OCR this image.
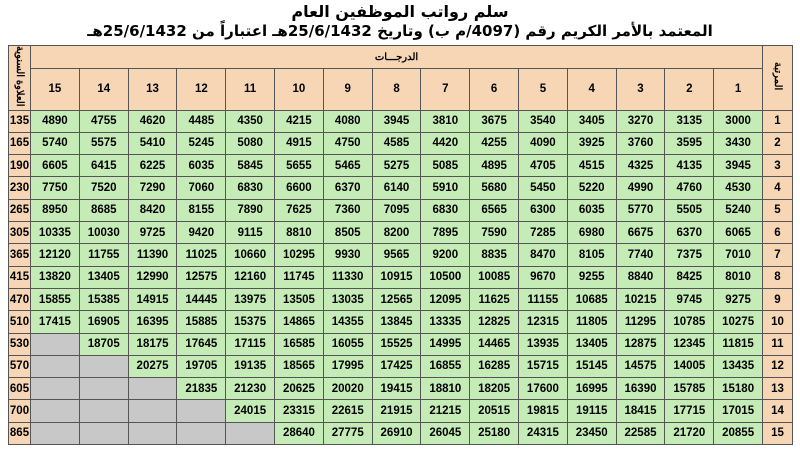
سلم رواتب الموظفين العام
المعتمد بالأمر الكريم رقم (4097/م ب) وتاريخ 25/6/1432هـ اعتباراً من 25/6/1432هـ
المرتبة	الدرجـــات															العلاوة السنوية
	1	2	3	4	5	6	7	8	9	10	11	12	13	14	15	
1	3000	3135	3270	3405	3540	3675	3810	3945	4080	4215	4350	4485	4620	4755	4890	135
2	3430	3595	3760	3925	4090	4255	4420	4585	4750	4915	5080	5245	5410	5575	5740	165
3	3945	4135	4325	4515	4705	4895	5085	5275	5465	5655	5845	6035	6225	6415	6605	190
4	4530	4760	4990	5220	5450	5680	5910	6140	6370	6600	6830	7060	7290	7520	7750	230
5	5240	5505	5770	6035	6300	6565	6830	7095	7360	7625	7890	8155	8420	8685	8950	265
6	6065	6370	6675	6980	7285	7590	7895	8200	8505	8810	9115	9420	9725	10030	10335	305
7	7010	7375	7740	8105	8470	8835	9200	9565	9930	10295	10660	11025	11390	11755	12120	365
8	8010	8425	8840	9255	9670	10085	10500	10915	11330	11745	12160	12575	12990	13405	13820	415
9	9275	9745	10215	10685	11155	11625	12095	12565	13035	13505	13975	14445	14915	15385	15855	470
10	10275	10785	11295	11805	12315	12825	13335	13845	14355	14865	15375	15885	16395	16905	17415	510
11	11815	12345	12875	13405	13935	14465	14995	15525	16055	16585	17115	17645	18175	18705		530
12	13435	14005	14575	15145	15715	16285	16855	17425	17995	18565	19135	19705	20275			570
13	15180	15785	16390	16995	17600	18205	18810	19415	20020	20625	21230	21835				605
14	17015	17715	18415	19115	19815	20515	21215	21915	22615	23315	24015					700
15	20855	21720	22585	23450	24315	25180	26045	26910	27775	28640						865
